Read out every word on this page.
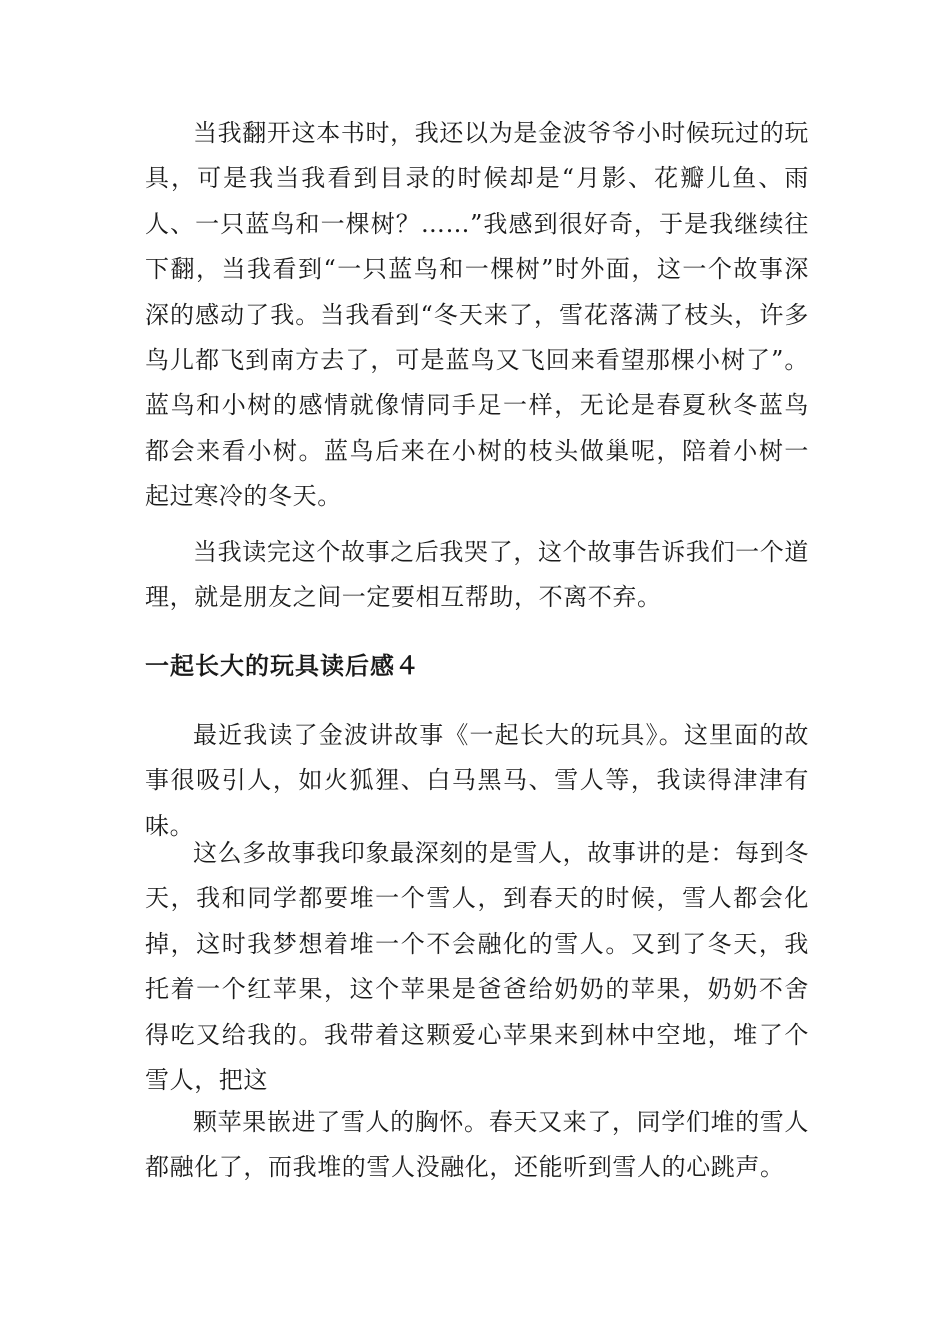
当我翻开这本书时，我还以为是金波爷爷小时候玩过的玩具，可是我当我看到目录的时候却是“月影、花瓣儿鱼、雨人、一只蓝鸟和一棵树？……”我感到很好奇，于是我继续往下翻，当我看到“一只蓝鸟和一棵树”时外面，这一个故事深深的感动了我。当我看到“冬天来了，雪花落满了枝头，许多鸟儿都飞到南方去了，可是蓝鸟又飞回来看望那棵小树了”。蓝鸟和小树的感情就像情同手足一样，无论是春夏秋冬蓝鸟都会来看小树。蓝鸟后来在小树的枝头做巢呢，陪着小树一起过寒冷的冬天。

当我读完这个故事之后我哭了，这个故事告诉我们一个道理，就是朋友之间一定要相互帮助，不离不弃。

一起长大的玩具读后感４

最近我读了金波讲故事《一起长大的玩具》。这里面的故事很吸引人，如火狐狸、白马黑马、雪人等，我读得津津有味。

这么多故事我印象最深刻的是雪人，故事讲的是：每到冬天，我和同学都要堆一个雪人，到春天的时候，雪人都会化掉，这时我梦想着堆一个不会融化的雪人。又到了冬天，我托着一个红苹果，这个苹果是爸爸给奶奶的苹果，奶奶不舍得吃又给我的。我带着这颗爱心苹果来到林中空地，堆了个雪人，把这

颗苹果嵌进了雪人的胸怀。春天又来了，同学们堆的雪人都融化了，而我堆的雪人没融化，还能听到雪人的心跳声。
